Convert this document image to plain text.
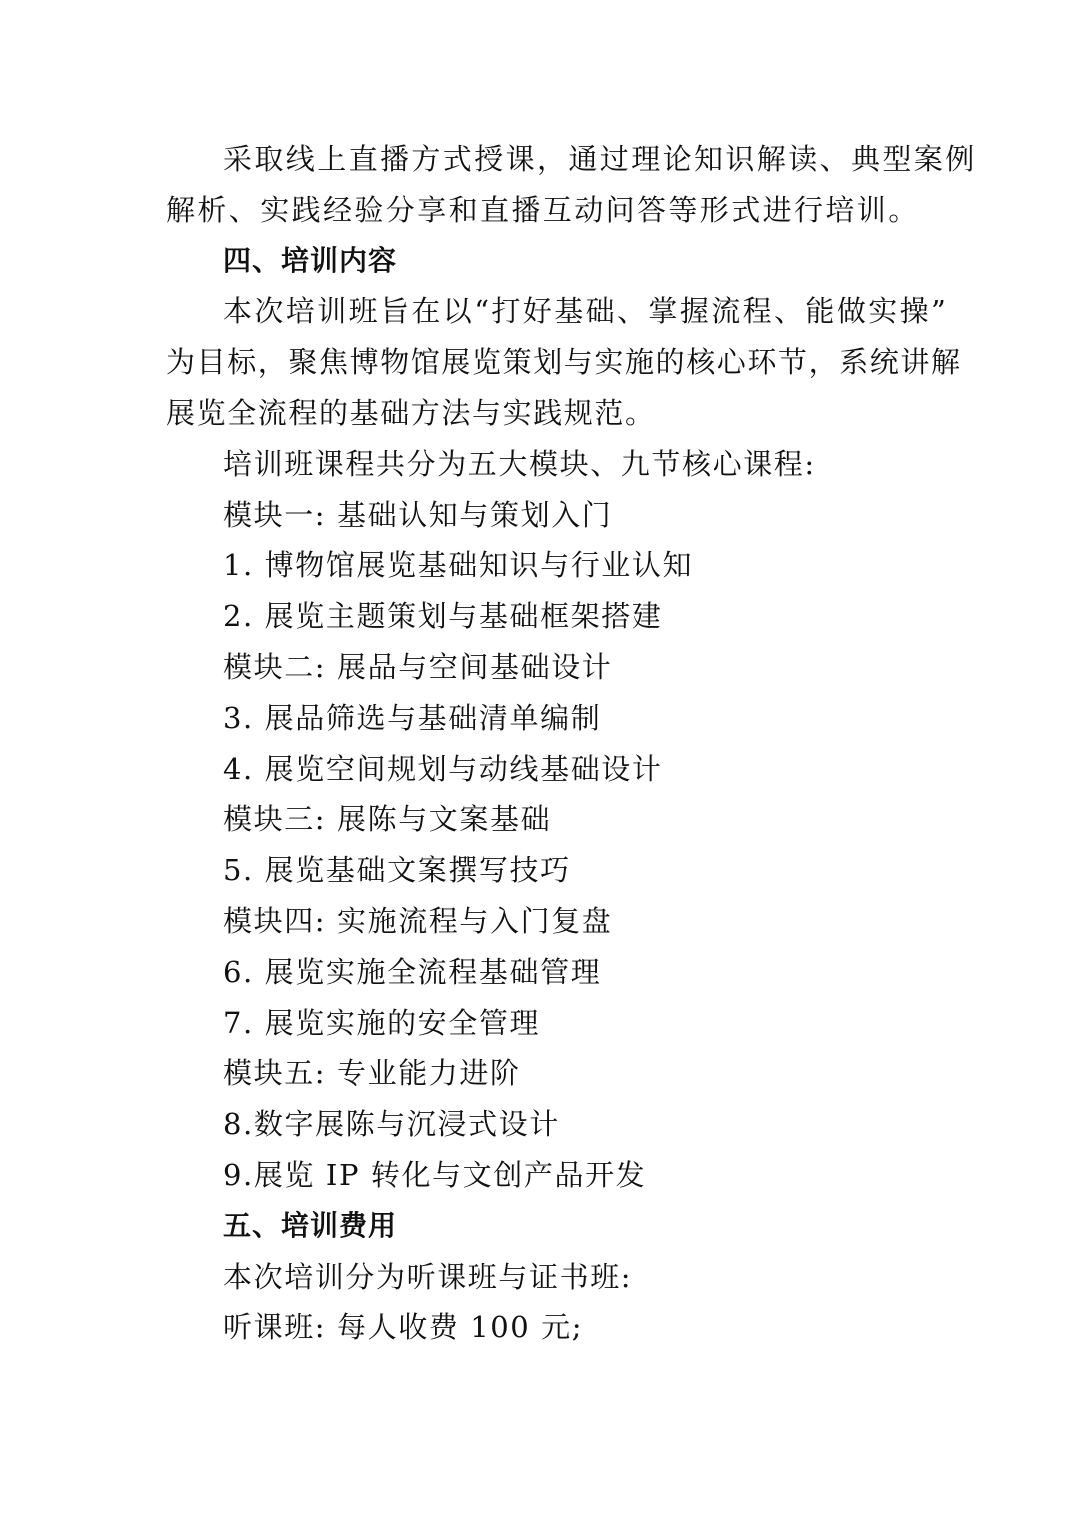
采取线上直播方式授课，通过理论知识解读、典型案例
解析、实践经验分享和直播互动问答等形式进行培训。
四、培训内容
本次培训班旨在以“打好基础、掌握流程、能做实操”
为目标，聚焦博物馆展览策划与实施的核心环节，系统讲解
展览全流程的基础方法与实践规范。
培训班课程共分为五大模块、九节核心课程:
模块一: 基础认知与策划入门
1. 博物馆展览基础知识与行业认知
2. 展览主题策划与基础框架搭建
模块二: 展品与空间基础设计
3. 展品筛选与基础清单编制
4. 展览空间规划与动线基础设计
模块三: 展陈与文案基础
5. 展览基础文案撰写技巧
模块四: 实施流程与入门复盘
6. 展览实施全流程基础管理
7. 展览实施的安全管理
模块五: 专业能力进阶
8.数字展陈与沉浸式设计
9.展览 IP 转化与文创产品开发
五、培训费用
本次培训分为听课班与证书班:
听课班: 每人收费 100 元;
